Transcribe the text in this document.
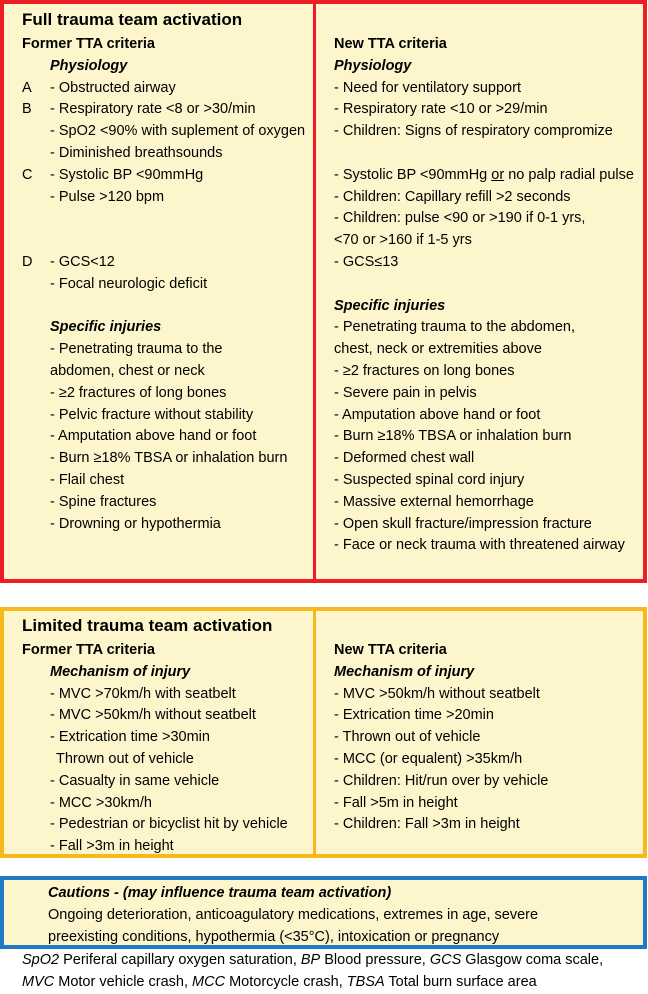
Full trauma team activation
Former TTA criteria
Physiology
A	- Obstructed airway
B	- Respiratory rate <8 or >30/min
- SpO2 <90% with suplement of oxygen
- Diminished breathsounds
C	- Systolic BP <90mmHg
- Pulse >120 bpm
D	- GCS<12
- Focal neurologic deficit
Specific injuries
- Penetrating trauma to the
abdomen, chest or neck
- ≥2 fractures of long bones
- Pelvic fracture without stability
- Amputation above hand or foot
- Burn ≥18% TBSA or inhalation burn
- Flail chest
- Spine fractures
- Drowning or hypothermia
New TTA criteria
Physiology
- Need for ventilatory support
- Respiratory rate <10 or >29/min
- Children: Signs of respiratory compromize
- Systolic BP <90mmHg or no palp radial pulse
- Children: Capillary refill >2 seconds
- Children: pulse <90 or >190 if 0-1 yrs,
<70 or >160 if 1-5 yrs
- GCS≤13
Specific injuries
- Penetrating trauma to the abdomen,
chest, neck or extremities above
- ≥2 fractures on long bones
- Severe pain in pelvis
- Amputation above hand or foot
- Burn ≥18% TBSA or inhalation burn
- Deformed chest wall
- Suspected spinal cord injury
- Massive external hemorrhage
- Open skull fracture/impression fracture
- Face or neck trauma with threatened airway
Limited trauma team activation
Former TTA criteria
Mechanism of injury
- MVC >70km/h with seatbelt
- MVC >50km/h without seatbelt
- Extrication time >30min
Thrown out of vehicle
- Casualty in same vehicle
- MCC >30km/h
- Pedestrian or bicyclist hit by vehicle
- Fall >3m in height
New TTA criteria
Mechanism of injury
- MVC >50km/h without seatbelt
- Extrication time >20min
- Thrown out of vehicle
- MCC (or equalent) >35km/h
- Children: Hit/run over by vehicle
- Fall >5m in height
- Children: Fall >3m in height
Cautions - (may influence trauma team activation)
Ongoing deterioration, anticoagulatory medications, extremes in age, severe
preexisting conditions, hypothermia (<35°C), intoxication or pregnancy
SpO2 Periferal capillary oxygen saturation, BP Blood pressure, GCS Glasgow coma scale,
MVC Motor vehicle crash, MCC Motorcycle crash, TBSA Total burn surface area
